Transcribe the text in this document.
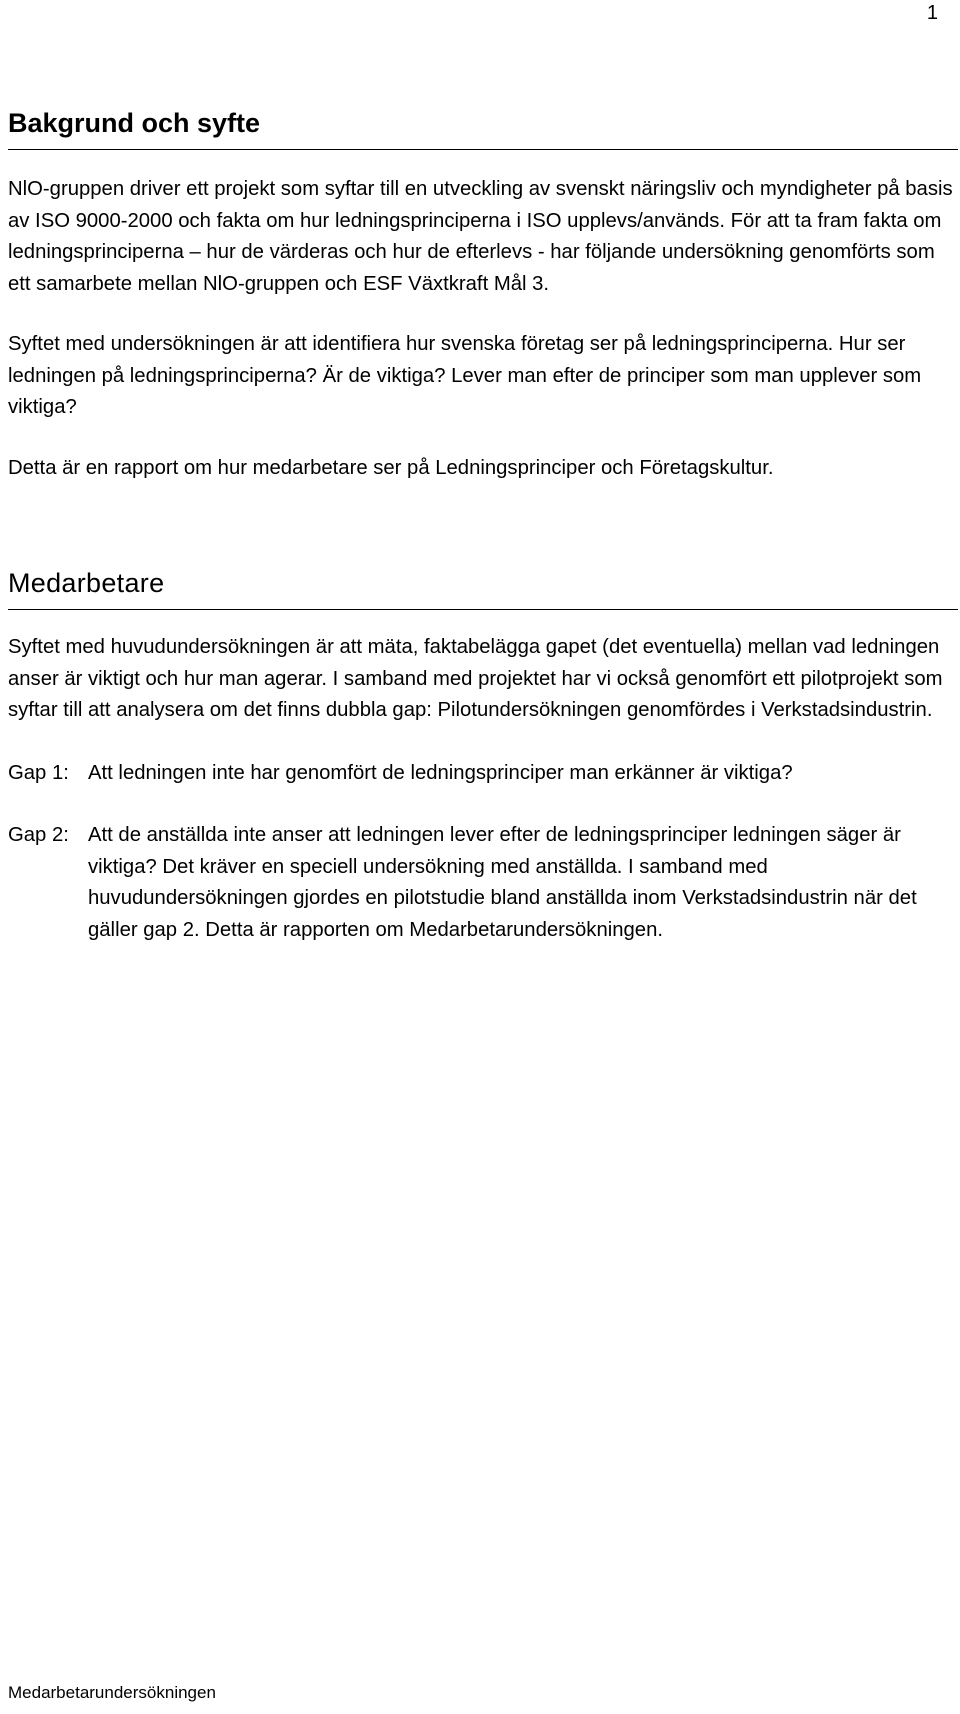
1
Bakgrund och syfte

NlO-gruppen driver ett projekt som syftar till en utveckling av svenskt näringsliv och myndigheter på basis av ISO 9000-2000 och fakta om hur ledningsprinciperna i ISO upplevs/används. För att ta fram fakta om ledningsprinciperna – hur de värderas och hur de efterlevs - har följande undersökning genomförts som ett samarbete mellan NlO-gruppen och ESF Växtkraft Mål 3.

Syftet med undersökningen är att identifiera hur svenska företag ser på ledningsprinciperna. Hur ser ledningen på ledningsprinciperna? Är de viktiga? Lever man efter de principer som man upplever som viktiga?

Detta är en rapport om hur medarbetare ser på Ledningsprinciper och Företagskultur.

Medarbetare

Syftet med huvudundersökningen är att mäta, faktabelägga gapet (det eventuella) mellan vad ledningen anser är viktigt och hur man agerar. I samband med projektet har vi också genomfört ett pilotprojekt som syftar till att analysera om det finns dubbla gap: Pilotundersökningen genomfördes i Verkstadsindustrin.

Gap 1: Att ledningen inte har genomfört de ledningsprinciper man erkänner är viktiga?
Gap 2: Att de anställda inte anser att ledningen lever efter de ledningsprinciper ledningen säger är viktiga? Det kräver en speciell undersökning med anställda. I samband med huvudundersökningen gjordes en pilotstudie bland anställda inom Verkstadsindustrin när det gäller gap 2. Detta är rapporten om Medarbetarundersökningen.
Medarbetarundersökningen
